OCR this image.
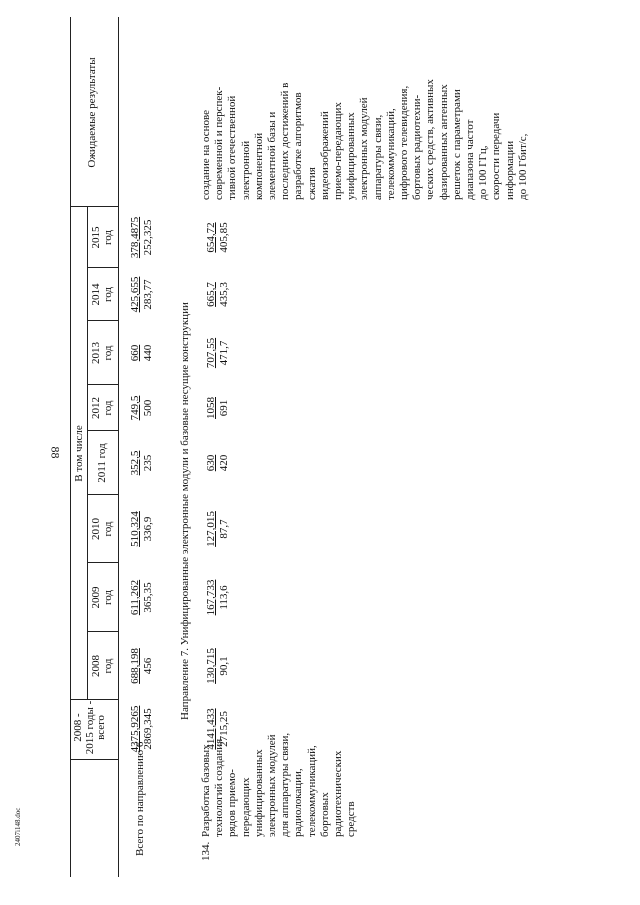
88
2407i148.doc
2008 - 2015 годы - всего
В том числе
2008 год
2009 год
2010 год
2011 год
2012 год
2013 год
2014 год
2015 год
Ожидаемые результаты
Всего по направлению 6
4375,9265 2869,345
688,198 456
611,262 365,35
510,324 336,9
352,5 235
749,5 500
660 440
425,655 283,77
378,4875 252,325
Направление 7. Унифицированные электронные модули и базовые несущие конструкции
134.
Разработка базовых технологий создания рядов приемо- передающих унифицированных электронных модулей для аппаратуры связи, радиолокации, телекоммуникаций, бортовых радиотехнических средств
4141,433 2715,25
130,715 90,1
167,733 113,6
127,015 87,7
630 420
1058 691
707,55 471,7
665,7 435,3
654,72 405,85
создание на основе современной и перспек- тивной отечественной электронной компонентной элементной базы и последних достижений в разработке алгоритмов сжатия видеоизображений приемо-передающих унифицированных электронных модулей аппаратуры связи, телекоммуникаций, цифрового телевидения, бортовых радиотехни- ческих средств, активных фазированных антенных решеток с параметрами диапазона частот до 100 ГГц, скорости передачи информации до 100 Гбит/с,
